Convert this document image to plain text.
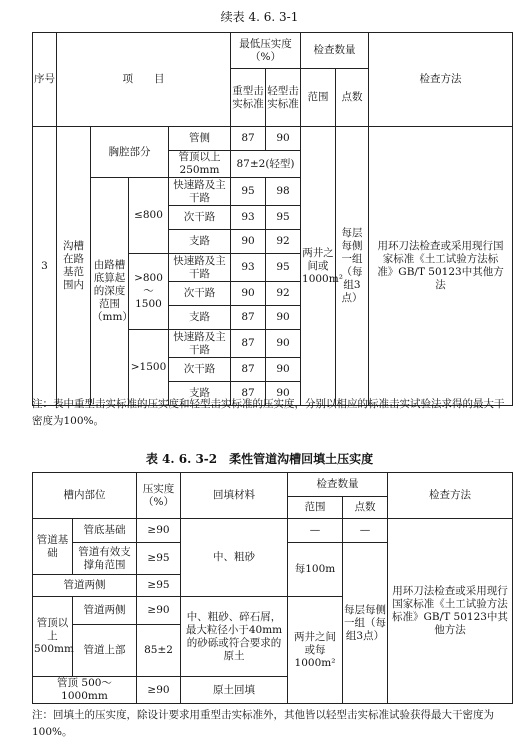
续表 4. 6. 3-1
序号	项　　目				最低压实度（%）		检查数量		检查方法
					重型击实标准	轻型击实标准	范围	点数	

3	沟槽在路基范围内	胸腔部分		管侧	87	90	两井之间或1000m²	每层每侧一组（每组3点）	用环刀法检查或采用现行国家标准《土工试验方法标准》GB/T 50123中其他方法
				管顶以上250mm	87±2(轻型)				
		由路槽底算起的深度范围（mm）	≤800	快速路及主干路	95	98			
				次干路	93	95			
				支路	90	92			
			>800～1500	快速路及主干路	93	95			
				次干路	90	92			
				支路	87	90			
			>1500	快速路及主干路	87	90			
				次干路	87	90			
				支路	87	90			
注：表中重型击实标准的压实度和轻型击实标准的压实度，分别以相应的标准击实试验法求得的最大干密度为100%。
表 4. 6. 3-2　柔性管道沟槽回填土压实度
槽内部位		压实度（%）	回填材料	检查数量		检查方法
				范围	点数	
管道基础	管底基础	≥90	中、粗砂	—	—	用环刀法检查或采用现行国家标准《土工试验方法标准》GB/T 50123中其他方法
	管道有效支撑角范围	≥95		每100m	每层每侧一组（每组3点）	
管道两侧		≥95				
管顶以上500mm	管道两侧	≥90	中、粗砂、碎石屑，最大粒径小于40mm的砂砾或符合要求的原土	两井之间或每1000m²		
	管道上部	85±2				
管顶 500～1000mm		≥90	原土回填			
注：回填土的压实度，除设计要求用重型击实标准外，其他皆以轻型击实标准试验获得最大干密度为100%。
